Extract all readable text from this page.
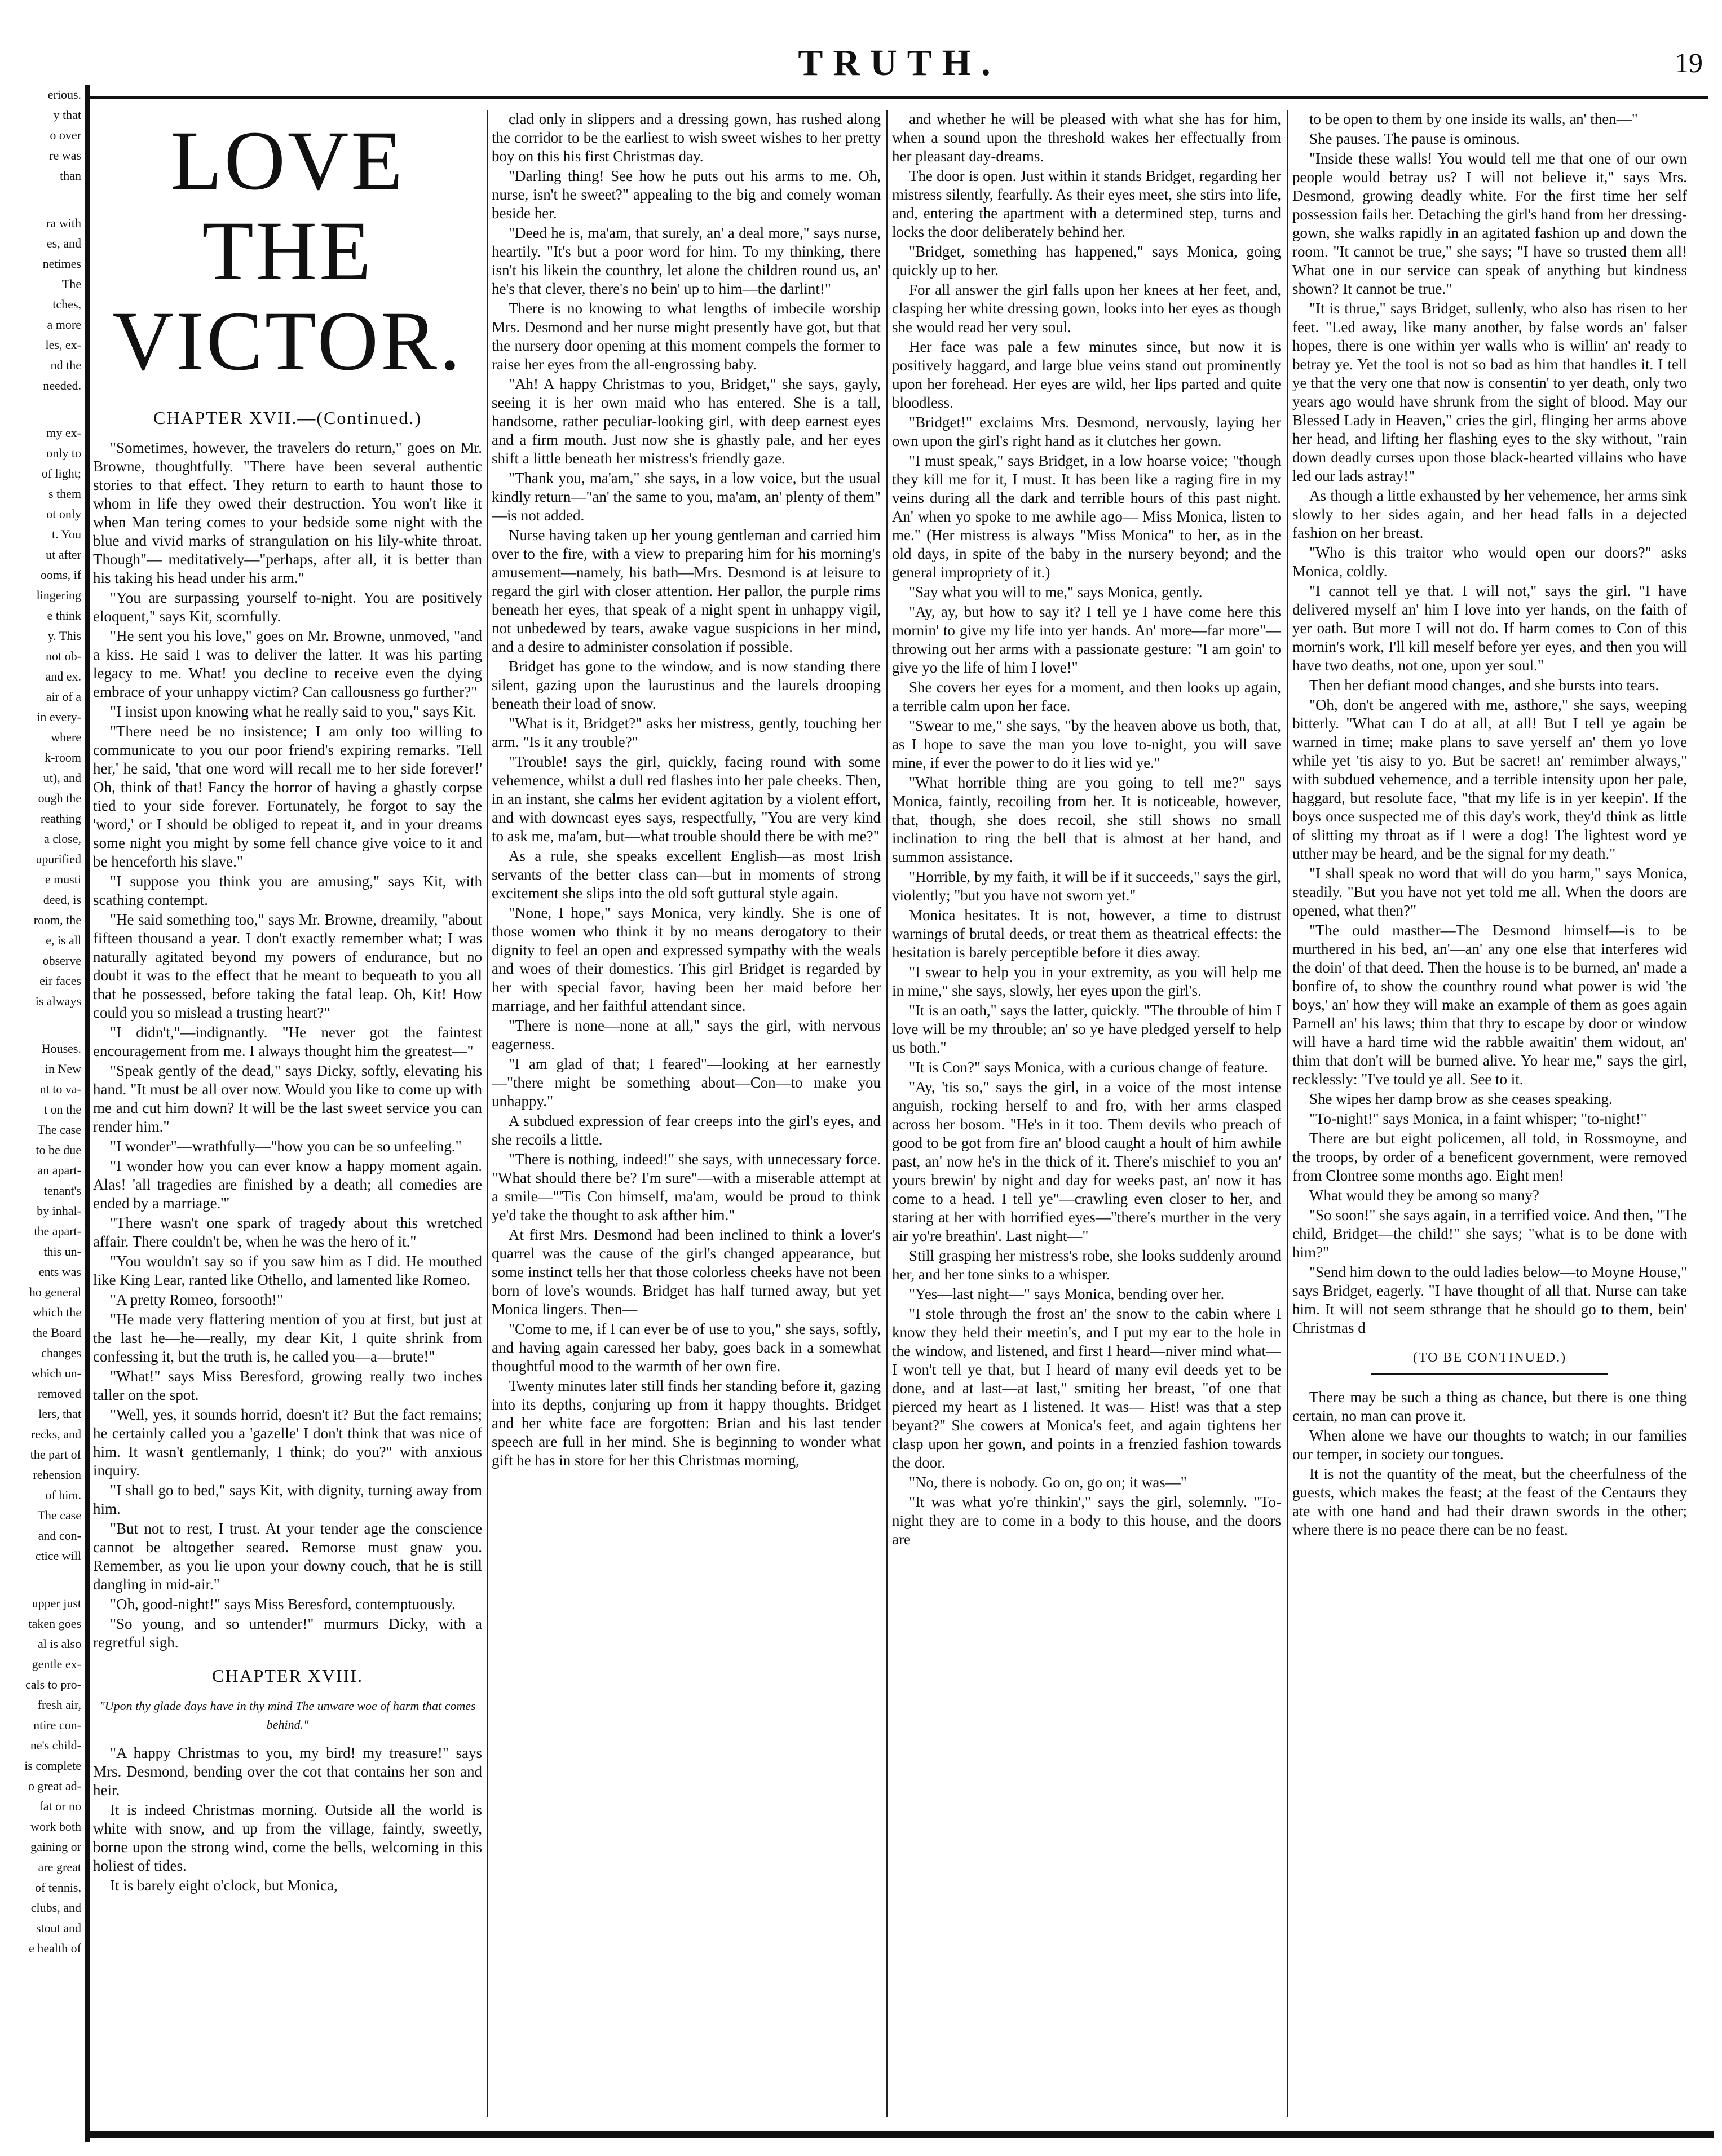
erious.
y that
o over
re was
than
ra with
es, and
netimes
The
tches,
a more
les, ex-
nd the
needed.
my ex-
only to
of light;
s them
ot only
t. You
ut after
ooms, if
lingering
e think
y. This
not ob-
and ex.
air of a
in every-
where
k-room
ut), and
ough the
reathing
a close,
upurified
e musti
deed, is
room, the
e, is all
observe
eir faces
is always
Houses.
in New
nt to va-
t on the
The case
to be due
an apart-
tenant's
by inhal-
the apart-
this un-
ents was
ho general
which the
the Board
changes
which un-
removed
lers, that
recks, and
the part of
rehension
of him.
The case
and con-
ctice will
upper just
taken goes
al is also
gentle ex-
cals to pro-
fresh air,
ntire con-
ne's child-
is complete
o great ad-
fat or no
work both
gaining or
are great
of tennis,
clubs, and
stout and
e health of
TRUTH.	19
LOVE THE VICTOR.
CHAPTER XVII.—(Continued.)

"Sometimes, however, the travelers do return," goes on Mr. Browne, thoughtfully. "There have been several authentic stories to that effect. They return to earth to haunt those to whom in life they owed their destruction. You won't like it when Man tering comes to your bedside some night with the blue and vivid marks of strangulation on his lily-white throat. Though"— meditatively—"perhaps, after all, it is better than his taking his head under his arm."

"You are surpassing yourself to-night. You are positively eloquent," says Kit, scornfully.

"He sent you his love," goes on Mr. Browne, unmoved, "and a kiss. He said I was to deliver the latter. It was his parting legacy to me. What! you decline to receive even the dying embrace of your unhappy victim? Can callousness go further?"

"I insist upon knowing what he really said to you," says Kit.

"There need be no insistence; I am only too willing to communicate to you our poor friend's expiring remarks. 'Tell her,' he said, 'that one word will recall me to her side forever!' Oh, think of that! Fancy the horror of having a ghastly corpse tied to your side forever. Fortunately, he forgot to say the 'word,' or I should be obliged to repeat it, and in your dreams some night you might by some fell chance give voice to it and be henceforth his slave."

"I suppose you think you are amusing," says Kit, with scathing contempt.

"He said something too," says Mr. Browne, dreamily, "about fifteen thousand a year. I don't exactly remember what; I was naturally agitated beyond my powers of endurance, but no doubt it was to the effect that he meant to bequeath to you all that he possessed, before taking the fatal leap. Oh, Kit! How could you so mislead a trusting heart?"

"I didn't,"—indignantly. "He never got the faintest encouragement from me. I always thought him the greatest—"

"Speak gently of the dead," says Dicky, softly, elevating his hand. "It must be all over now. Would you like to come up with me and cut him down? It will be the last sweet service you can render him."

"I wonder"—wrathfully—"how you can be so unfeeling."

"I wonder how you can ever know a happy moment again. Alas! 'all tragedies are finished by a death; all comedies are ended by a marriage.'"

"There wasn't one spark of tragedy about this wretched affair. There couldn't be, when he was the hero of it."

"You wouldn't say so if you saw him as I did. He mouthed like King Lear, ranted like Othello, and lamented like Romeo.

"A pretty Romeo, forsooth!"

"He made very flattering mention of you at first, but just at the last he—he—really, my dear Kit, I quite shrink from confessing it, but the truth is, he called you—a—brute!"

"What!" says Miss Beresford, growing really two inches taller on the spot.

"Well, yes, it sounds horrid, doesn't it? But the fact remains; he certainly called you a 'gazelle' I don't think that was nice of him. It wasn't gentlemanly, I think; do you?" with anxious inquiry.

"I shall go to bed," says Kit, with dignity, turning away from him.

"But not to rest, I trust. At your tender age the conscience cannot be altogether seared. Remorse must gnaw you. Remember, as you lie upon your downy couch, that he is still dangling in mid-air."

"Oh, good-night!" says Miss Beresford, contemptuously.

"So young, and so untender!" murmurs Dicky, with a regretful sigh.

CHAPTER XVIII.
"Upon thy glade days have in thy mind The unware woe of harm that comes behind."

"A happy Christmas to you, my bird! my treasure!" says Mrs. Desmond, bending over the cot that contains her son and heir.

It is indeed Christmas morning. Outside all the world is white with snow, and up from the village, faintly, sweetly, borne upon the strong wind, come the bells, welcoming in this holiest of tides.

It is barely eight o'clock, but Monica,

clad only in slippers and a dressing gown, has rushed along the corridor to be the earliest to wish sweet wishes to her pretty boy on this his first Christmas day.

"Darling thing! See how he puts out his arms to me. Oh, nurse, isn't he sweet?" appealing to the big and comely woman beside her.

"Deed he is, ma'am, that surely, an' a deal more," says nurse, heartily. "It's but a poor word for him. To my thinking, there isn't his likein the counthry, let alone the children round us, an' he's that clever, there's no bein' up to him—the darlint!"

There is no knowing to what lengths of imbecile worship Mrs. Desmond and her nurse might presently have got, but that the nursery door opening at this moment compels the former to raise her eyes from the all-engrossing baby.

"Ah! A happy Christmas to you, Bridget," she says, gayly, seeing it is her own maid who has entered. She is a tall, handsome, rather peculiar-looking girl, with deep earnest eyes and a firm mouth. Just now she is ghastly pale, and her eyes shift a little beneath her mistress's friendly gaze.

"Thank you, ma'am," she says, in a low voice, but the usual kindly return—"an' the same to you, ma'am, an' plenty of them" —is not added.

Nurse having taken up her young gentleman and carried him over to the fire, with a view to preparing him for his morning's amusement—namely, his bath—Mrs. Desmond is at leisure to regard the girl with closer attention. Her pallor, the purple rims beneath her eyes, that speak of a night spent in unhappy vigil, not unbedewed by tears, awake vague suspicions in her mind, and a desire to administer consolation if possible.

Bridget has gone to the window, and is now standing there silent, gazing upon the laurustinus and the laurels drooping beneath their load of snow.

"What is it, Bridget?" asks her mistress, gently, touching her arm. "Is it any trouble?"

"Trouble! says the girl, quickly, facing round with some vehemence, whilst a dull red flashes into her pale cheeks. Then, in an instant, she calms her evident agitation by a violent effort, and with downcast eyes says, respectfully, "You are very kind to ask me, ma'am, but—what trouble should there be with me?"

As a rule, she speaks excellent English—as most Irish servants of the better class can—but in moments of strong excitement she slips into the old soft guttural style again.

"None, I hope," says Monica, very kindly. She is one of those women who think it by no means derogatory to their dignity to feel an open and expressed sympathy with the weals and woes of their domestics. This girl Bridget is regarded by her with special favor, having been her maid before her marriage, and her faithful attendant since.

"There is none—none at all," says the girl, with nervous eagerness.

"I am glad of that; I feared"—looking at her earnestly—"there might be something about—Con—to make you unhappy."

A subdued expression of fear creeps into the girl's eyes, and she recoils a little.

"There is nothing, indeed!" she says, with unnecessary force. "What should there be? I'm sure"—with a miserable attempt at a smile—"'Tis Con himself, ma'am, would be proud to think ye'd take the thought to ask afther him."

At first Mrs. Desmond had been inclined to think a lover's quarrel was the cause of the girl's changed appearance, but some instinct tells her that those colorless cheeks have not been born of love's wounds. Bridget has half turned away, but yet Monica lingers. Then—

"Come to me, if I can ever be of use to you," she says, softly, and having again caressed her baby, goes back in a somewhat thoughtful mood to the warmth of her own fire.

Twenty minutes later still finds her standing before it, gazing into its depths, conjuring up from it happy thoughts. Bridget and her white face are forgotten: Brian and his last tender speech are full in her mind. She is beginning to wonder what gift he has in store for her this Christmas morning,

and whether he will be pleased with what she has for him, when a sound upon the threshold wakes her effectually from her pleasant day-dreams.

The door is open. Just within it stands Bridget, regarding her mistress silently, fearfully. As their eyes meet, she stirs into life, and, entering the apartment with a determined step, turns and locks the door deliberately behind her.

"Bridget, something has happened," says Monica, going quickly up to her.

For all answer the girl falls upon her knees at her feet, and, clasping her white dressing gown, looks into her eyes as though she would read her very soul.

Her face was pale a few minutes since, but now it is positively haggard, and large blue veins stand out prominently upon her forehead. Her eyes are wild, her lips parted and quite bloodless.

"Bridget!" exclaims Mrs. Desmond, nervously, laying her own upon the girl's right hand as it clutches her gown.

"I must speak," says Bridget, in a low hoarse voice; "though they kill me for it, I must. It has been like a raging fire in my veins during all the dark and terrible hours of this past night. An' when yo spoke to me awhile ago— Miss Monica, listen to me." (Her mistress is always "Miss Monica" to her, as in the old days, in spite of the baby in the nursery beyond; and the general impropriety of it.)

"Say what you will to me," says Monica, gently.

"Ay, ay, but how to say it? I tell ye I have come here this mornin' to give my life into yer hands. An' more—far more"—throwing out her arms with a passionate gesture: "I am goin' to give yo the life of him I love!"

She covers her eyes for a moment, and then looks up again, a terrible calm upon her face.

"Swear to me," she says, "by the heaven above us both, that, as I hope to save the man you love to-night, you will save mine, if ever the power to do it lies wid ye."

"What horrible thing are you going to tell me?" says Monica, faintly, recoiling from her. It is noticeable, however, that, though, she does recoil, she still shows no small inclination to ring the bell that is almost at her hand, and summon assistance.

"Horrible, by my faith, it will be if it succeeds," says the girl, violently; "but you have not sworn yet."

Monica hesitates. It is not, however, a time to distrust warnings of brutal deeds, or treat them as theatrical effects: the hesitation is barely perceptible before it dies away.

"I swear to help you in your extremity, as you will help me in mine," she says, slowly, her eyes upon the girl's.

"It is an oath," says the latter, quickly. "The throuble of him I love will be my throuble; an' so ye have pledged yerself to help us both."

"It is Con?" says Monica, with a curious change of feature.

"Ay, 'tis so," says the girl, in a voice of the most intense anguish, rocking herself to and fro, with her arms clasped across her bosom. "He's in it too. Them devils who preach of good to be got from fire an' blood caught a hoult of him awhile past, an' now he's in the thick of it. There's mischief to you an' yours brewin' by night and day for weeks past, an' now it has come to a head. I tell ye"—crawling even closer to her, and staring at her with horrified eyes—"there's murther in the very air yo're breathin'. Last night—"

Still grasping her mistress's robe, she looks suddenly around her, and her tone sinks to a whisper.

"Yes—last night—" says Monica, bending over her.

"I stole through the frost an' the snow to the cabin where I know they held their meetin's, and I put my ear to the hole in the window, and listened, and first I heard—niver mind what—I won't tell ye that, but I heard of many evil deeds yet to be done, and at last—at last," smiting her breast, "of one that pierced my heart as I listened. It was— Hist! was that a step beyant?" She cowers at Monica's feet, and again tightens her clasp upon her gown, and points in a frenzied fashion towards the door.

"No, there is nobody. Go on, go on; it was—"

"It was what yo're thinkin'," says the girl, solemnly. "To-night they are to come in a body to this house, and the doors are

to be open to them by one inside its walls, an' then—"

She pauses. The pause is ominous.

"Inside these walls! You would tell me that one of our own people would betray us? I will not believe it," says Mrs. Desmond, growing deadly white. For the first time her self possession fails her. Detaching the girl's hand from her dressing-gown, she walks rapidly in an agitated fashion up and down the room. "It cannot be true," she says; "I have so trusted them all! What one in our service can speak of anything but kindness shown? It cannot be true."

"It is thrue," says Bridget, sullenly, who also has risen to her feet. "Led away, like many another, by false words an' falser hopes, there is one within yer walls who is willin' an' ready to betray ye. Yet the tool is not so bad as him that handles it. I tell ye that the very one that now is consentin' to yer death, only two years ago would have shrunk from the sight of blood. May our Blessed Lady in Heaven," cries the girl, flinging her arms above her head, and lifting her flashing eyes to the sky without, "rain down deadly curses upon those black-hearted villains who have led our lads astray!"

As though a little exhausted by her vehemence, her arms sink slowly to her sides again, and her head falls in a dejected fashion on her breast.

"Who is this traitor who would open our doors?" asks Monica, coldly.

"I cannot tell ye that. I will not," says the girl. "I have delivered myself an' him I love into yer hands, on the faith of yer oath. But more I will not do. If harm comes to Con of this mornin's work, I'll kill meself before yer eyes, and then you will have two deaths, not one, upon yer soul."

Then her defiant mood changes, and she bursts into tears.

"Oh, don't be angered with me, asthore," she says, weeping bitterly. "What can I do at all, at all! But I tell ye again be warned in time; make plans to save yerself an' them yo love while yet 'tis aisy to yo. But be sacret! an' remimber always," with subdued vehemence, and a terrible intensity upon her pale, haggard, but resolute face, "that my life is in yer keepin'. If the boys once suspected me of this day's work, they'd think as little of slitting my throat as if I were a dog! The lightest word ye utther may be heard, and be the signal for my death."

"I shall speak no word that will do you harm," says Monica, steadily. "But you have not yet told me all. When the doors are opened, what then?"

"The ould masther—The Desmond himself—is to be murthered in his bed, an'—an' any one else that interferes wid the doin' of that deed. Then the house is to be burned, an' made a bonfire of, to show the counthry round what power is wid 'the boys,' an' how they will make an example of them as goes again Parnell an' his laws; thim that thry to escape by door or window will have a hard time wid the rabble awaitin' them widout, an' thim that don't will be burned alive. Yo hear me," says the girl, recklessly: "I've tould ye all. See to it.

She wipes her damp brow as she ceases speaking.

"To-night!" says Monica, in a faint whisper; "to-night!"

There are but eight policemen, all told, in Rossmoyne, and the troops, by order of a beneficent government, were removed from Clontree some months ago. Eight men!

What would they be among so many?

"So soon!" she says again, in a terrified voice. And then, "The child, Bridget—the child!" she says; "what is to be done with him?"

"Send him down to the ould ladies below—to Moyne House," says Bridget, eagerly. "I have thought of all that. Nurse can take him. It will not seem sthrange that he should go to them, bein' Christmas d

(TO BE CONTINUED.)

There may be such a thing as chance, but there is one thing certain, no man can prove it.

When alone we have our thoughts to watch; in our families our temper, in society our tongues.

It is not the quantity of the meat, but the cheerfulness of the guests, which makes the feast; at the feast of the Centaurs they ate with one hand and had their drawn swords in the other; where there is no peace there can be no feast.
